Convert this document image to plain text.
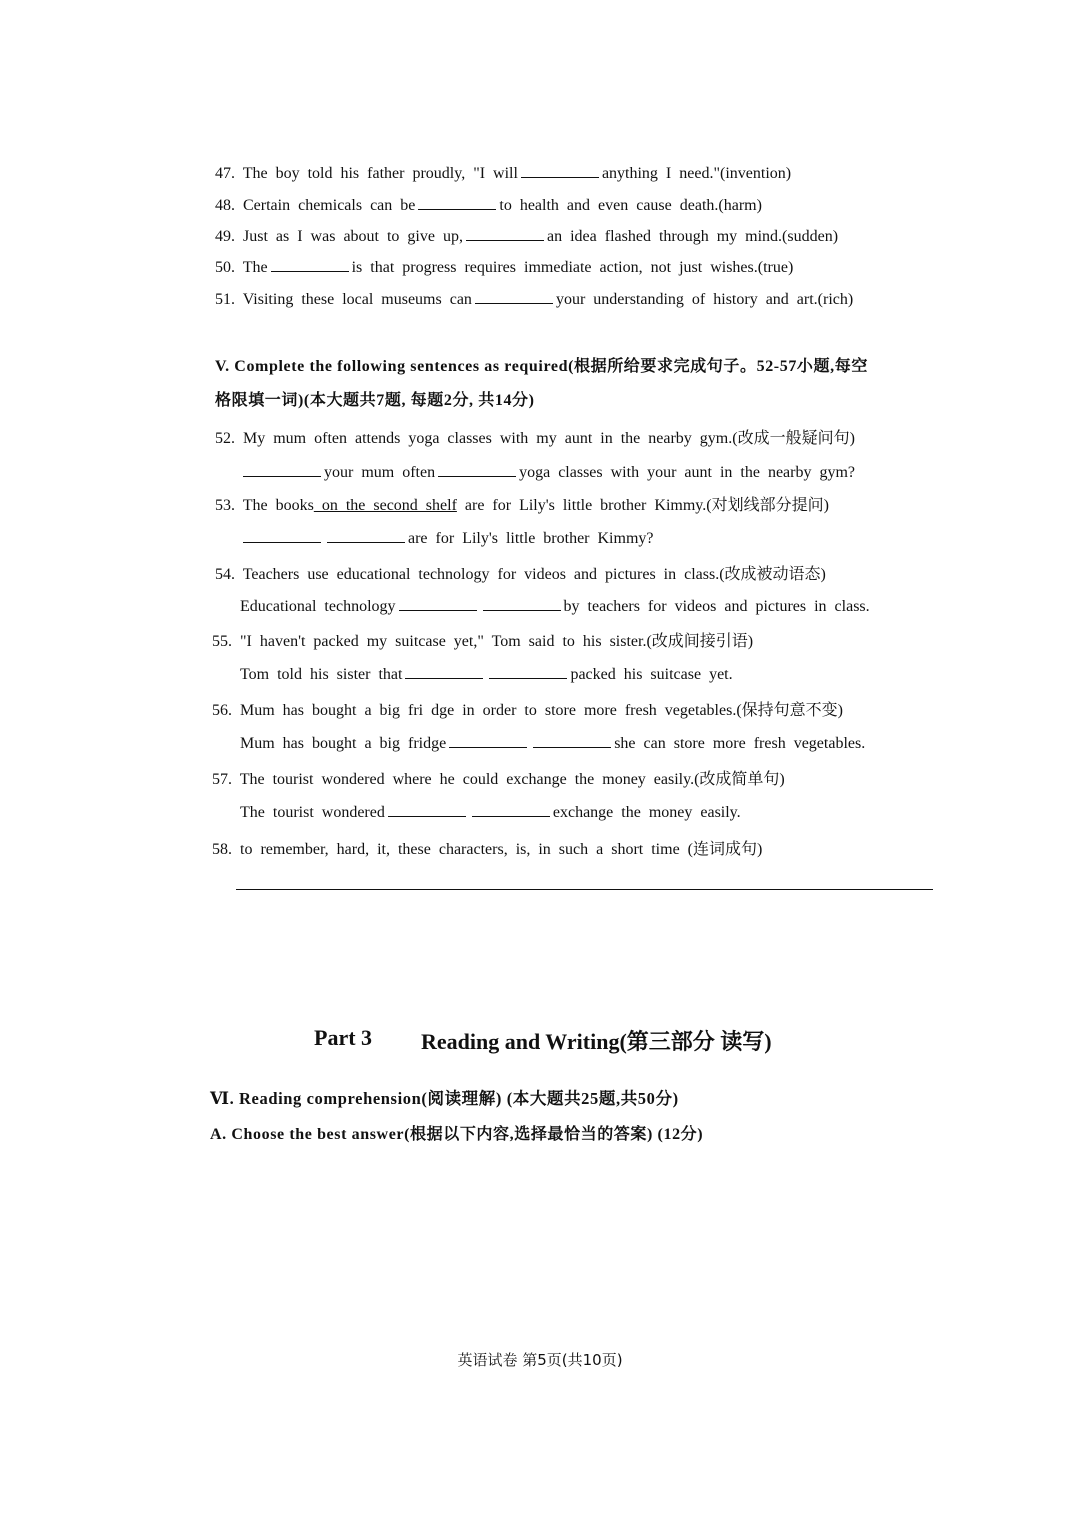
47. The boy told his father proudly, "I will	anything I need."(invention)
48. Certain chemicals can be	to health and even cause death.(harm)
49. Just as I was about to give up,	an idea flashed through my mind.(sudden)
50. The	is that progress requires immediate action, not just wishes.(true)
51. Visiting these local museums can	your understanding of history and art.(rich)
V. Complete the following sentences as required(根据所给要求完成句子。52-57小题,每空
格限填一词)(本大题共7题, 每题2分, 共14分)
52. My mum often attends yoga classes with my aunt in the nearby gym.(改成一般疑问句)
your mum often	yoga classes with your aunt in the nearby gym?
53. The books on the second shelf are for Lily's little brother Kimmy.(对划线部分提问)
are for Lily's little brother Kimmy?
54. Teachers use educational technology for videos and pictures in class.(改成被动语态)
Educational technology	by teachers for videos and pictures in class.
55. "I haven't packed my suitcase yet," Tom said to his sister.(改成间接引语)
Tom told his sister that	packed his suitcase yet.
56. Mum has bought a big fri dge in order to store more fresh vegetables.(保持句意不变)
Mum has bought a big fridge	she can store more fresh vegetables.
57. The tourist wondered where he could exchange the money easily.(改成简单句)
The tourist wondered	exchange the money easily.
58. to remember, hard, it, these characters, is, in such a short time (连词成句)
Part 3 Reading and Writing(第三部分 读写)
Ⅵ. Reading comprehension(阅读理解) (本大题共25题,共50分)
A. Choose the best answer(根据以下内容,选择最恰当的答案) (12分)
英语试卷 第5页(共10页)
